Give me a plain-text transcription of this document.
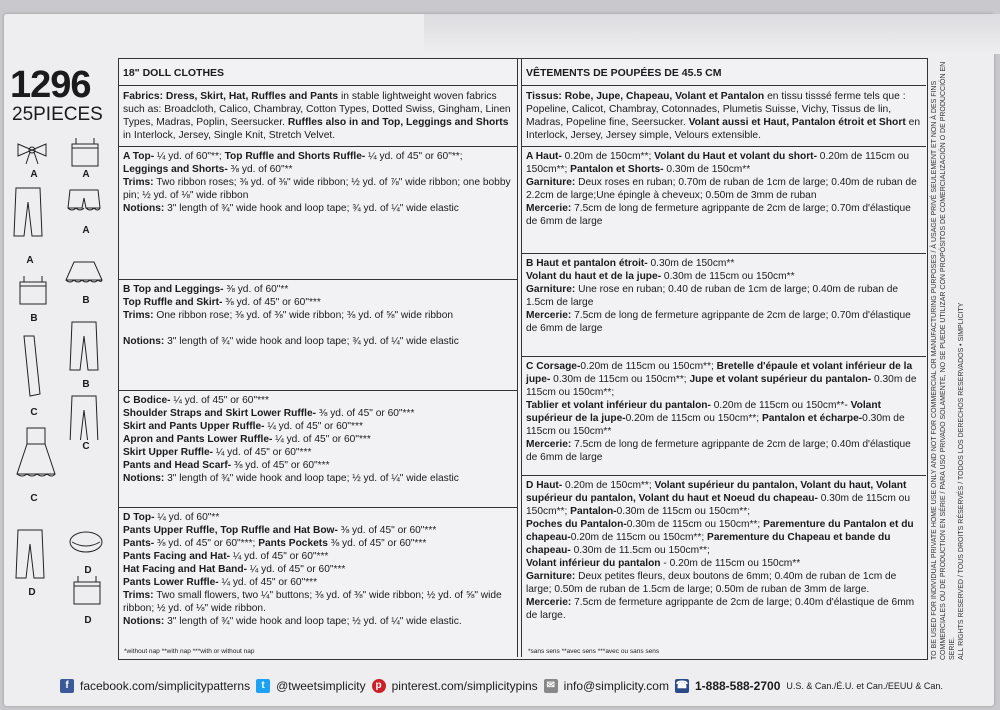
1296
25PIECES
A	A
A
A
B
B
C
B
C
C
D
D
D
18" DOLL CLOTHES
Fabrics: Dress, Skirt, Hat, Ruffles and Pants in stable lightweight woven fabrics such as: Broadcloth, Calico, Chambray, Cotton Types, Dotted Swiss, Gingham, Linen Types, Madras, Poplin, Seersucker. Ruffles also in and Top, Leggings and Shorts in Interlock, Jersey, Single Knit, Stretch Velvet.
A Top- ¼ yd. of 60"**; Top Ruffle and Shorts Ruffle- ¼ yd. of 45" or 60"**;
Leggings and Shorts- ⅜ yd. of 60"**
Trims: Two ribbon roses; ⅜ yd. of ⅜" wide ribbon; ½ yd. of ⅞" wide ribbon; one bobby pin; ½ yd. of ⅛" wide ribbon
Notions: 3" length of ¾" wide hook and loop tape; ¾ yd. of ¼" wide elastic
B Top and Leggings- ⅜ yd. of 60"**
Top Ruffle and Skirt- ⅜ yd. of 45" or 60"***
Trims: One ribbon rose; ⅜ yd. of ⅜" wide ribbon; ⅜ yd. of ⅝" wide ribbon

Notions: 3" length of ¾" wide hook and loop tape; ¾ yd. of ¼" wide elastic
C Bodice- ¼ yd. of 45" or 60"***
Shoulder Straps and Skirt Lower Ruffle- ⅜ yd. of 45" or 60"***
Skirt and Pants Upper Ruffle- ¼ yd. of 45" or 60"***
Apron and Pants Lower Ruffle- ¼ yd. of 45" or 60"***
Skirt Upper Ruffle- ¼ yd. of 45" or 60"***
Pants and Head Scarf- ⅜ yd. of 45" or 60"***
Notions: 3" length of ¾" wide hook and loop tape; ½ yd. of ¼" wide elastic
D Top- ¼ yd. of 60"**
Pants Upper Ruffle, Top Ruffle and Hat Bow- ⅜ yd. of 45" or 60"***
Pants- ⅜ yd. of 45" or 60"***; Pants Pockets ⅜ yd. of 45" or 60"***
Pants Facing and Hat- ¼ yd. of 45" or 60"***
Hat Facing and Hat Band- ¼ yd. of 45" or 60"***
Pants Lower Ruffle- ¼ yd. of 45" or 60"***
Trims: Two small flowers, two ¼" buttons; ⅜ yd. of ⅜" wide ribbon; ½ yd. of ⅝" wide ribbon; ½ yd. of ⅛" wide ribbon.
Notions: 3" length of ¾" wide hook and loop tape; ½ yd. of ¼" wide elastic.
VÊTEMENTS DE POUPÉES DE 45.5 CM
Tissus: Robe, Jupe, Chapeau, Volant et Pantalon en tissu tisssé ferme tels que : Popeline, Calicot, Chambray, Cotonnades, Plumetis Suisse, Vichy, Tissus de lin, Madras, Popeline fine, Seersucker. Volant aussi et Haut, Pantalon étroit et Short en Interlock, Jersey, Jersey simple, Velours extensible.
A Haut- 0.20m de 150cm**; Volant du Haut et volant du short- 0.20m de 115cm ou 150cm**; Pantalon et Shorts- 0.30m de 150cm**
Garniture: Deux roses en ruban; 0.70m de ruban de 1cm de large; 0.40m de ruban de 2.2cm de large;Une épingle à cheveux; 0.50m de 3mm de ruban
Mercerie: 7.5cm de long de fermeture agrippante de 2cm de large; 0.70m d'élastique de 6mm de large
B Haut et pantalon étroit- 0.30m de 150cm**
Volant du haut et de la jupe- 0.30m de 115cm ou 150cm**
Garniture: Une rose en ruban; 0.40 de ruban de 1cm de large; 0.40m de ruban de 1.5cm de large
Mercerie: 7.5cm de long de fermeture agrippante de 2cm de large; 0.70m d'élastique de 6mm de large
C Corsage-0.20m de 115cm ou 150cm**; Bretelle d'épaule et volant inférieur de la jupe- 0.30m de 115cm ou 150cm**; Jupe et volant supérieur du pantalon- 0.30m de 115cm ou 150cm**;
Tablier et volant inférieur du pantalon- 0.20m de 115cm ou 150cm**- Volant supérieur de la jupe-0.20m de 115cm ou 150cm**; Pantalon et écharpe-0.30m de 115cm ou 150cm**
Mercerie: 7.5cm de long de fermeture agrippante de 2cm de large; 0.40m d'élastique de 6mm de large
D Haut- 0.20m de 150cm**; Volant supérieur du pantalon, Volant du haut, Volant supérieur du pantalon, Volant du haut et Noeud du chapeau- 0.30m de 115cm ou 150cm**; Pantalon-0.30m de 115cm ou 150cm**;
Poches du Pantalon-0.30m de 115cm ou 150cm**; Parementure du Pantalon et du chapeau-0.20m de 115cm ou 150cm**; Parementure du Chapeau et bande du chapeau- 0.30m de 11.5cm ou 150cm**;
Volant inférieur du pantalon - 0.20m de 115cm ou 150cm**
Garniture: Deux petites fleurs, deux boutons de 6mm; 0.40m de ruban de 1cm de large; 0.50m de ruban de 1.5cm de large; 0.50m de ruban de 3mm de large.
Mercerie: 7.5cm de fermeture agrippante de 2cm de large; 0.40m d'élastique de 6mm de large.
*without nap **with nap ***with or without nap	*sans sens **avec sens ***avec ou sans sens	TO BE USED FOR INDIVIDUAL PRIVATE HOME USE ONLY AND NOT FOR COMMERCIAL OR MANUFACTURING PURPOSES / À USAGE PRIVÉ SEULEMENT ET NON À DES FINS COMMERCIALES OU DE PRODUCTION EN SÉRIE / PARA USO PRIVADO SOLAMENTE, NO SE PUEDE UTILIZAR CON PROPÓSITOS DE COMERCIALIZACIÓN O DE PRODUCCIÓN EN SERIE. ALL RIGHTS RESERVED / TOUS DROITS RÉSERVÉS / TODOS LOS DERECHOS RESERVADOS • SIMPLICITY
f facebook.com/simplicitypatterns	t @tweetsimplicity p pinterest.com/simplicitypins ✉ info@simplicity.com ☎ 1-888-588-2700 U.S. & Can./É.U. et Can./EEUU & Can.
